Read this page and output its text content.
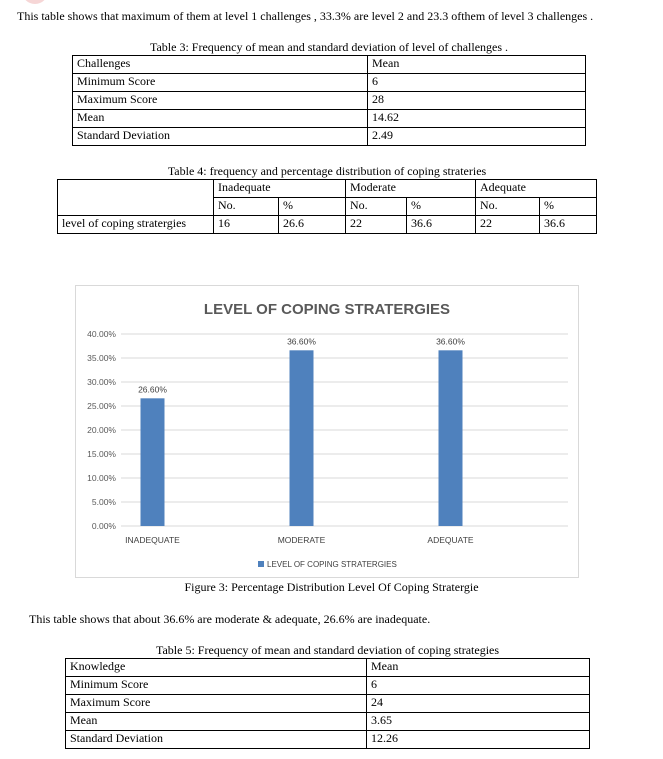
This table shows that maximum of them at level 1 challenges , 33.3% are level 2 and 23.3 ofthem of level 3 challenges .
Table 3: Frequency of mean and standard deviation of level of challenges .
Challenges	Mean
Minimum Score	6
Maximum Score	28
Mean	14.62
Standard Deviation	2.49
Table 4: frequency and percentage distribution of coping strateries
	Inadequate		Moderate		Adequate	
	No.	%	No.	%	No.	%
level of coping stratergies	16	26.6	22	36.6	22	36.6
LEVEL OF COPING STRATERGIES
0.00%
5.00%
10.00%
15.00%
20.00%
25.00%
30.00%
35.00%
40.00%
26.60%
36.60%	36.60%
INADEQUATE	MODERATE	ADEQUATE
LEVEL OF COPING STRATERGIES
Figure 3: Percentage Distribution Level Of Coping Stratergie
This table shows that about 36.6% are moderate & adequate, 26.6% are inadequate.
Table 5: Frequency of mean and standard deviation of coping strategies
Knowledge	Mean
Minimum Score	6
Maximum Score	24
Mean	3.65
Standard Deviation	12.26
